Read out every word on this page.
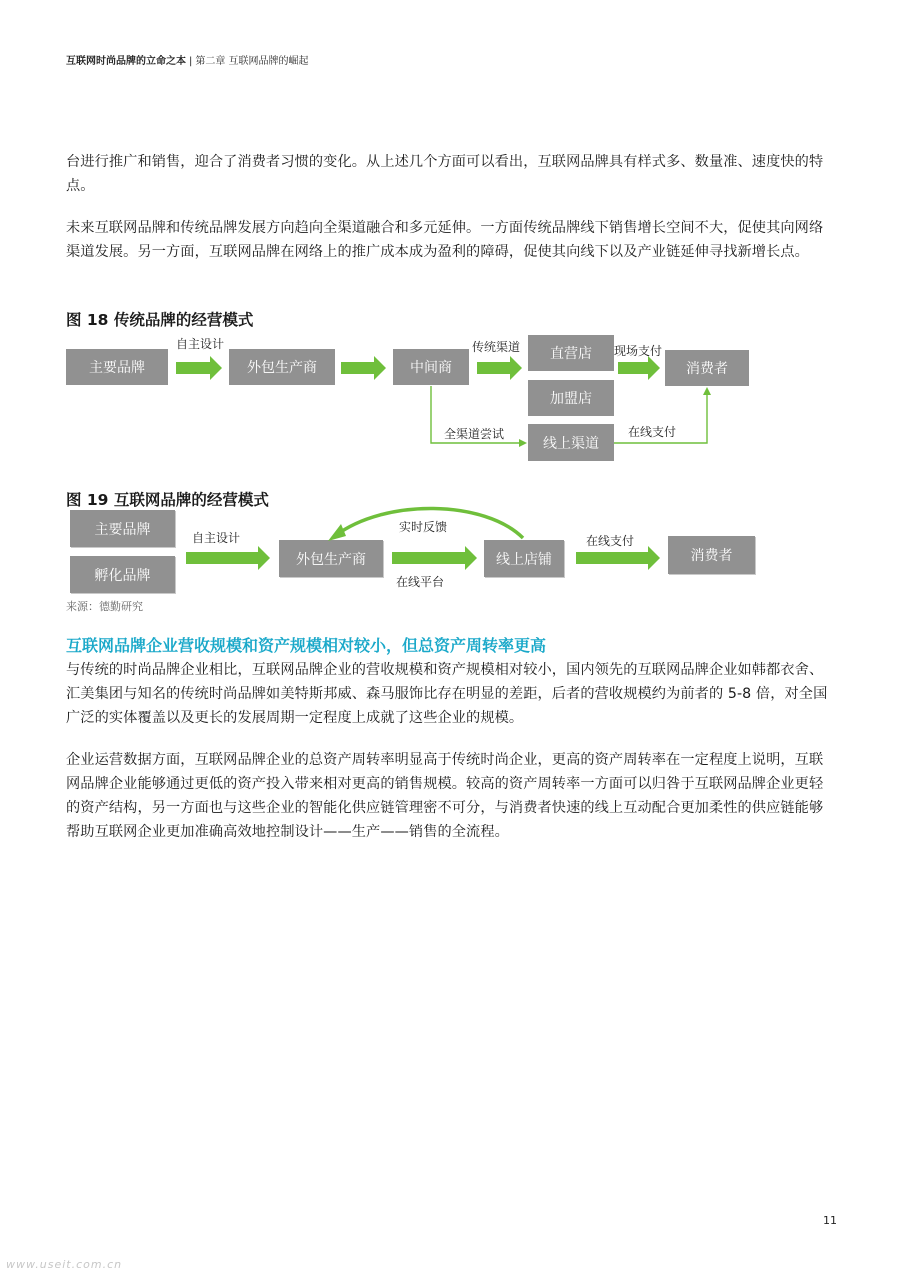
互联网时尚品牌的立命之本 | 第二章 互联网品牌的崛起

台进行推广和销售，迎合了消费者习惯的变化。从上述几个方面可以看出，互联网品牌具有样式多、数量准、速度快的特点。

未来互联网品牌和传统品牌发展方向趋向全渠道融合和多元延伸。一方面传统品牌线下销售增长空间不大，促使其向网络渠道发展。另一方面，互联网品牌在网络上的推广成本成为盈利的障碍，促使其向线下以及产业链延伸寻找新增长点。

图 18 传统品牌的经营模式
主要品牌	外包生产商	中间商
直营店
加盟店
线上渠道
消费者
自主设计	传统渠道	现场支付
全渠道尝试	在线支付
图 19 互联网品牌的经营模式
主要品牌
孵化品牌
外包生产商	线上店铺	消费者
自主设计
实时反馈
在线平台
在线支付
来源：德勤研究
互联网品牌企业营收规模和资产规模相对较小，但总资产周转率更高

与传统的时尚品牌企业相比，互联网品牌企业的营收规模和资产规模相对较小，国内领先的互联网品牌企业如韩都衣舍、汇美集团与知名的传统时尚品牌如美特斯邦威、森马服饰比存在明显的差距，后者的营收规模约为前者的 5-8 倍，对全国广泛的实体覆盖以及更长的发展周期一定程度上成就了这些企业的规模。

企业运营数据方面，互联网品牌企业的总资产周转率明显高于传统时尚企业，更高的资产周转率在一定程度上说明，互联网品牌企业能够通过更低的资产投入带来相对更高的销售规模。较高的资产周转率一方面可以归咎于互联网品牌企业更轻的资产结构，另一方面也与这些企业的智能化供应链管理密不可分，与消费者快速的线上互动配合更加柔性的供应链能够帮助互联网企业更加准确高效地控制设计——生产——销售的全流程。

11
www.useit.com.cn
